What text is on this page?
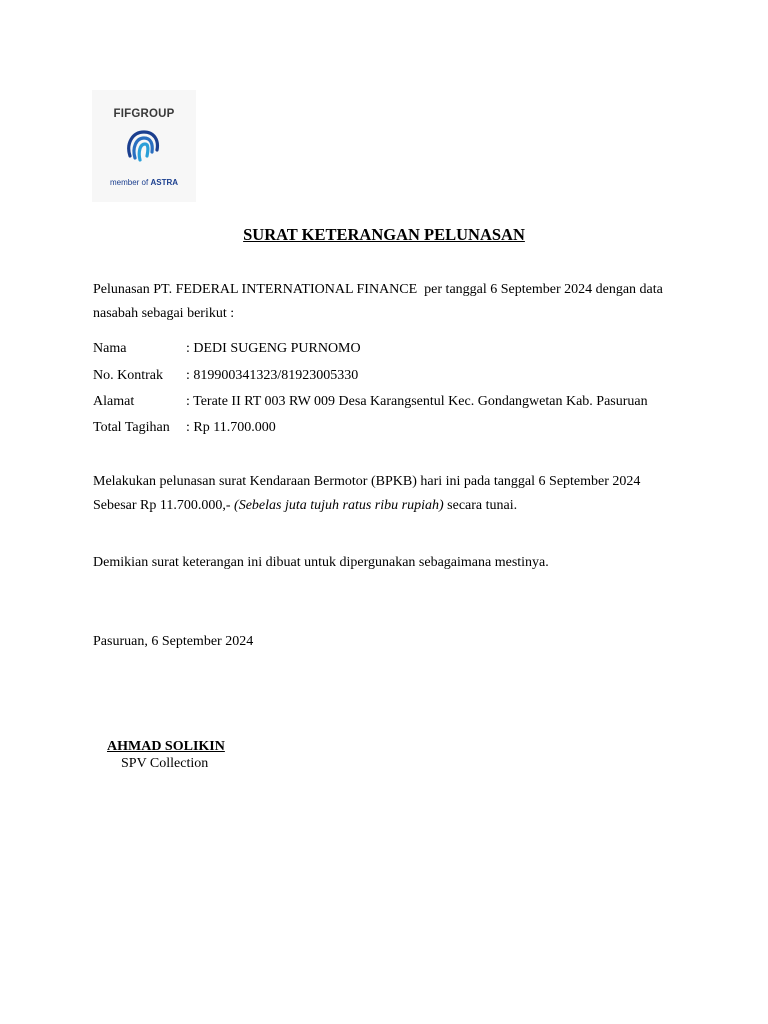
FIFGROUP
member of ASTRA
SURAT KETERANGAN PELUNASAN
Pelunasan PT. FEDERAL INTERNATIONAL FINANCE  per tanggal 6 September 2024 dengan data nasabah sebagai berikut :
Nama	: DEDI SUGENG PURNOMO
No. Kontrak : 819900341323/81923005330
Alamat	: Terate II RT 003 RW 009 Desa Karangsentul Kec. Gondangwetan Kab. Pasuruan
Total Tagihan : Rp 11.700.000
Melakukan pelunasan surat Kendaraan Bermotor (BPKB) hari ini pada tanggal 6 September 2024
Sebesar Rp 11.700.000,- (Sebelas juta tujuh ratus ribu rupiah) secara tunai.
Demikian surat keterangan ini dibuat untuk dipergunakan sebagaimana mestinya.
Pasuruan, 6 September 2024
AHMAD SOLIKIN
SPV Collection
